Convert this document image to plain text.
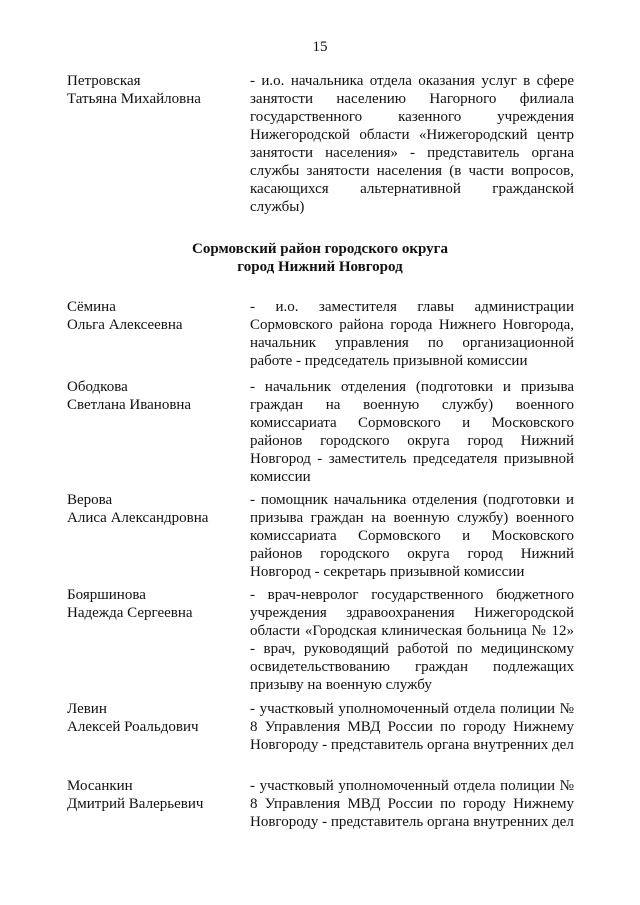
15
Петровская
Татьяна Михайловна
- и.о. начальника отдела оказания услуг в сфере занятости населению Нагорного филиала государственного казенного учреждения Нижегородской области «Нижегородский центр занятости населения» - представитель органа службы занятости населения (в части вопросов, касающихся альтернативной гражданской службы)
Сормовский район городского округа
город Нижний Новгород
Сёмина
Ольга Алексеевна
- и.о. заместителя главы администрации Сормовского района города Нижнего Новгорода, начальник управления по организационной работе - председатель призывной комиссии
Ободкова
Светлана Ивановна
- начальник отделения (подготовки и призыва граждан на военную службу) военного комиссариата Сормовского и Московского районов городского округа город Нижний Новгород - заместитель председателя призывной комиссии
Верова
Алиса Александровна
- помощник начальника отделения (подготовки и призыва граждан на военную службу) военного комиссариата Сормовского и Московского районов городского округа город Нижний Новгород - секретарь призывной комиссии
Бояршинова
Надежда Сергеевна
- врач-невролог государственного бюджетного учреждения здравоохранения Нижегородской области «Городская клиническая больница № 12» - врач, руководящий работой по медицинскому освидетельствованию граждан подлежащих призыву на военную службу
Левин
Алексей Роальдович
- участковый уполномоченный отдела полиции № 8 Управления МВД России по городу Нижнему Новгороду - представитель органа внутренних дел
Мосанкин
Дмитрий Валерьевич
- участковый уполномоченный отдела полиции № 8 Управления МВД России по городу Нижнему Новгороду - представитель органа внутренних дел
